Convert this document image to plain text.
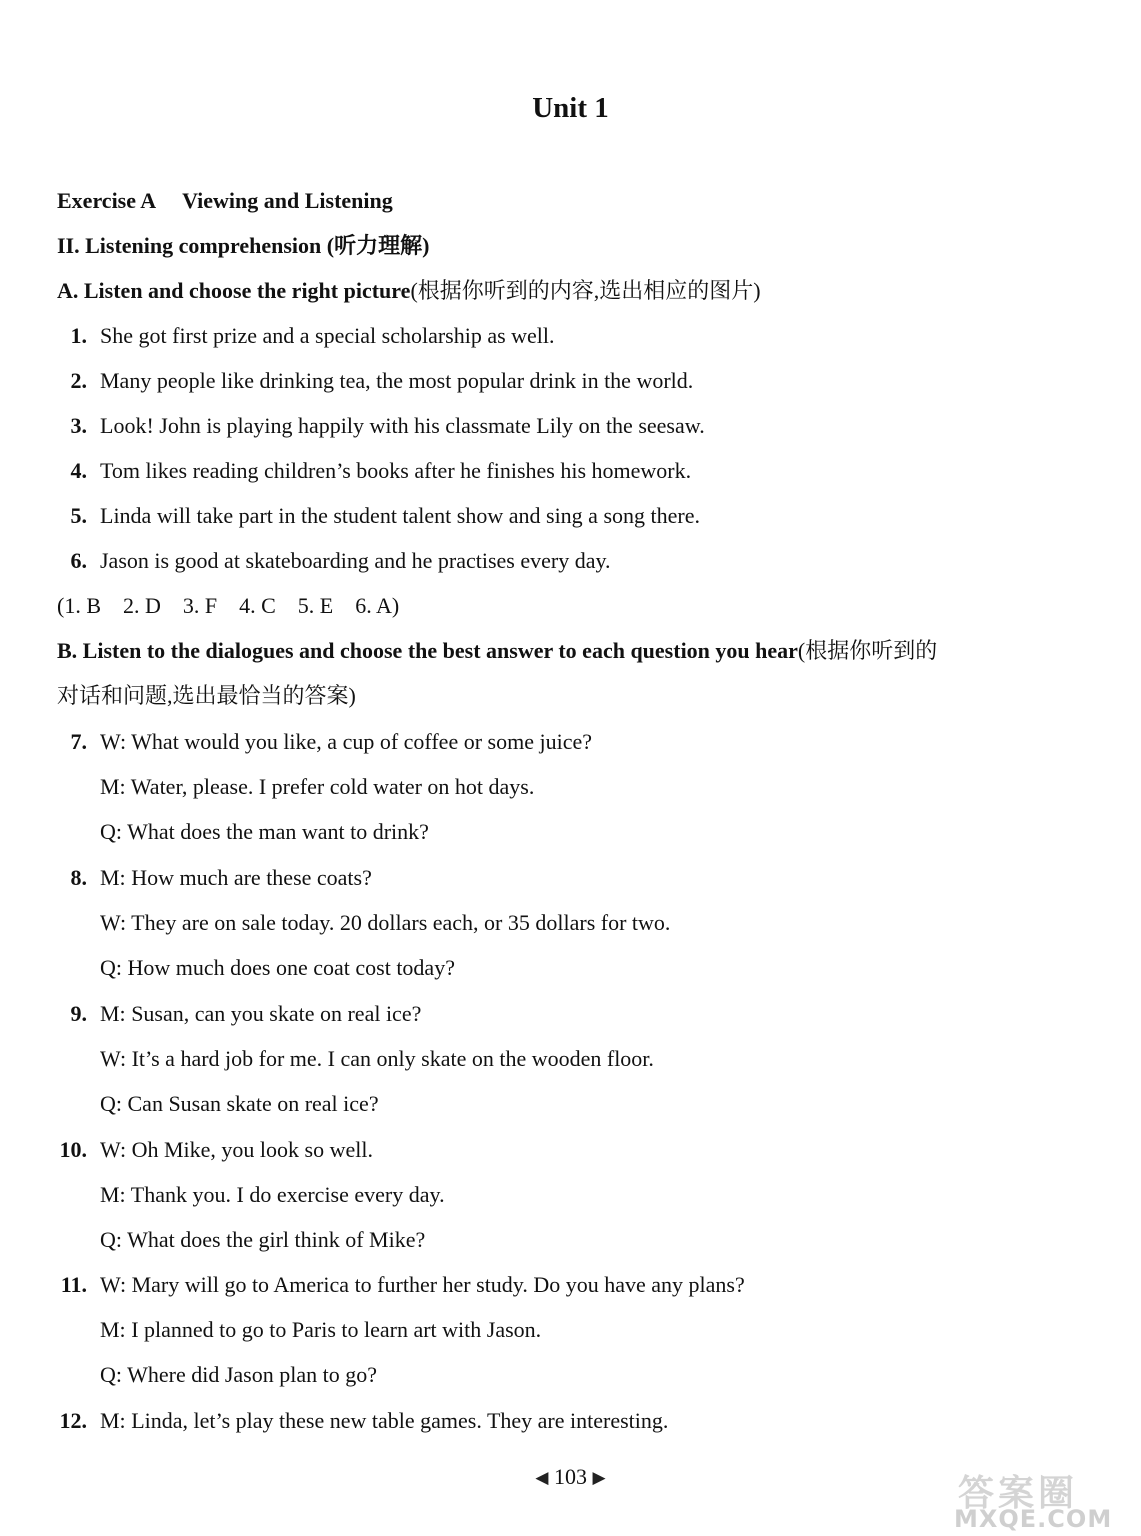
Unit 1
Exercise A　 Viewing and Listening
II. Listening comprehension (听力理解)
A. Listen and choose the right picture(根据你听到的内容,选出相应的图片)
1. She got first prize and a special scholarship as well.
2. Many people like drinking tea, the most popular drink in the world.
3. Look! John is playing happily with his classmate Lily on the seesaw.
4. Tom likes reading children’s books after he finishes his homework.
5. Linda will take part in the student talent show and sing a song there.
6. Jason is good at skateboarding and he practises every day.
(1. B　2. D　3. F　4. C　5. E　6. A)
B. Listen to the dialogues and choose the best answer to each question you hear(根据你听到的
对话和问题,选出最恰当的答案)
7. W: What would you like, a cup of coffee or some juice?
M: Water, please. I prefer cold water on hot days.
Q: What does the man want to drink?
8. M: How much are these coats?
W: They are on sale today. 20 dollars each, or 35 dollars for two.
Q: How much does one coat cost today?
9. M: Susan, can you skate on real ice?
W: It’s a hard job for me. I can only skate on the wooden floor.
Q: Can Susan skate on real ice?
10. W: Oh Mike, you look so well.
M: Thank you. I do exercise every day.
Q: What does the girl think of Mike?
11. W: Mary will go to America to further her study. Do you have any plans?
M: I planned to go to Paris to learn art with Jason.
Q: Where did Jason plan to go?
12. M: Linda, let’s play these new table games. They are interesting.
◀ 103 ▶	答案圈
MXQE.COM
